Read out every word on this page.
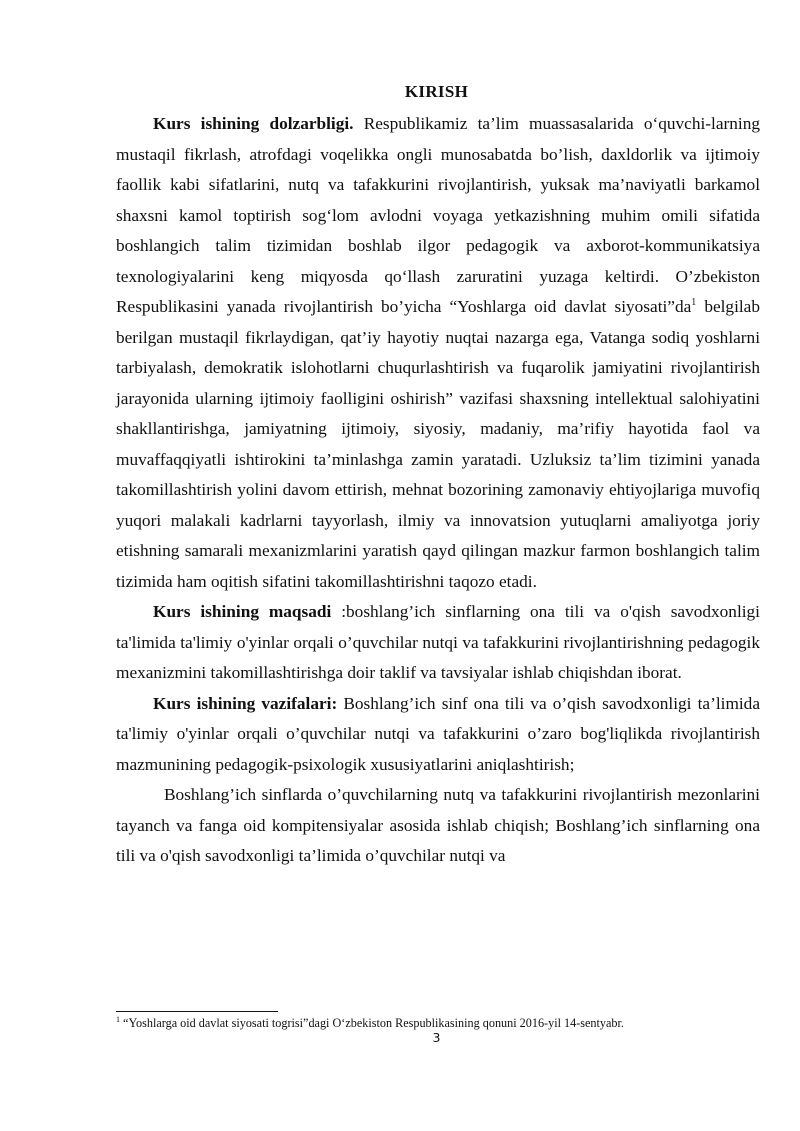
KIRISH

Kurs ishining dolzarbligi. Respublikamiz ta’lim muassasalarida o‘quvchi-larning mustaqil fikrlash, atrofdagi voqelikka ongli munosabatda bo’lish, daxldorlik va ijtimoiy faollik kabi sifatlarini, nutq va tafakkurini rivojlantirish, yuksak ma’naviyatli barkamol shaxsni kamol toptirish sog‘lom avlodni voyaga yetkazishning muhim omili sifatida boshlangich talim tizimidan boshlab ilgor pedagogik va axborot-kommunikatsiya texnologiyalarini keng miqyosda qo‘llash zaruratini yuzaga keltirdi. O’zbekiston Respublikasini yanada rivojlantirish bo’yicha “Yoshlarga oid davlat $siyosati”da^1$ belgilab berilgan mustaqil fikrlaydigan, qat’iy hayotiy nuqtai nazarga ega, Vatanga sodiq yoshlarni tarbiyalash, demokratik islohotlarni chuqurlashtirish va fuqarolik jamiyatini rivojlantirish jarayonida ularning ijtimoiy faolligini oshirish” vazifasi shaxsning intellektual salohiyatini shakllantirishga, jamiyatning ijtimoiy, siyosiy, madaniy, ma’rifiy hayotida faol va muvaffaqqiyatli ishtirokini ta’minlashga zamin yaratadi. Uzluksiz ta’lim tizimini yanada takomillashtirish yolini davom ettirish, mehnat bozorining zamonaviy ehtiyojlariga muvofiq yuqori malakali kadrlarni tayyorlash, ilmiy va innovatsion yutuqlarni amaliyotga joriy etishning samarali mexanizmlarini yaratish qayd qilingan mazkur farmon boshlangich talim tizimida ham oqitish sifatini takomillashtirishni taqozo etadi.

Kurs ishining maqsadi :boshlang’ich sinflarning ona tili va o'qish savodxonligi ta'limida ta'limiy o'yinlar orqali o’quvchilar nutqi va tafakkurini rivojlantirishning pedagogik mexanizmini takomillashtirishga doir taklif va tavsiyalar ishlab chiqishdan iborat.

Kurs ishining vazifalari: Boshlang’ich sinf ona tili va o’qish savodxonligi ta’limida ta'limiy o'yinlar orqali o’quvchilar nutqi va tafakkurini o’zaro bog'liqlikda rivojlantirish mazmunining pedagogik-psixologik xususiyatlarini aniqlashtirish;

Boshlang’ich sinflarda o’quvchilarning nutq va tafakkurini rivojlantirish mezonlarini tayanch va fanga oid kompitensiyalar asosida ishlab chiqish; Boshlang’ich sinflarning ona tili va o'qish savodxonligi ta’limida o’quvchilar nutqi va

$^1$ “Yoshlarga oid davlat siyosati togrisi”dagi O‘zbekiston Respublikasining qonuni 2016-yil 14-sentyabr.
3
